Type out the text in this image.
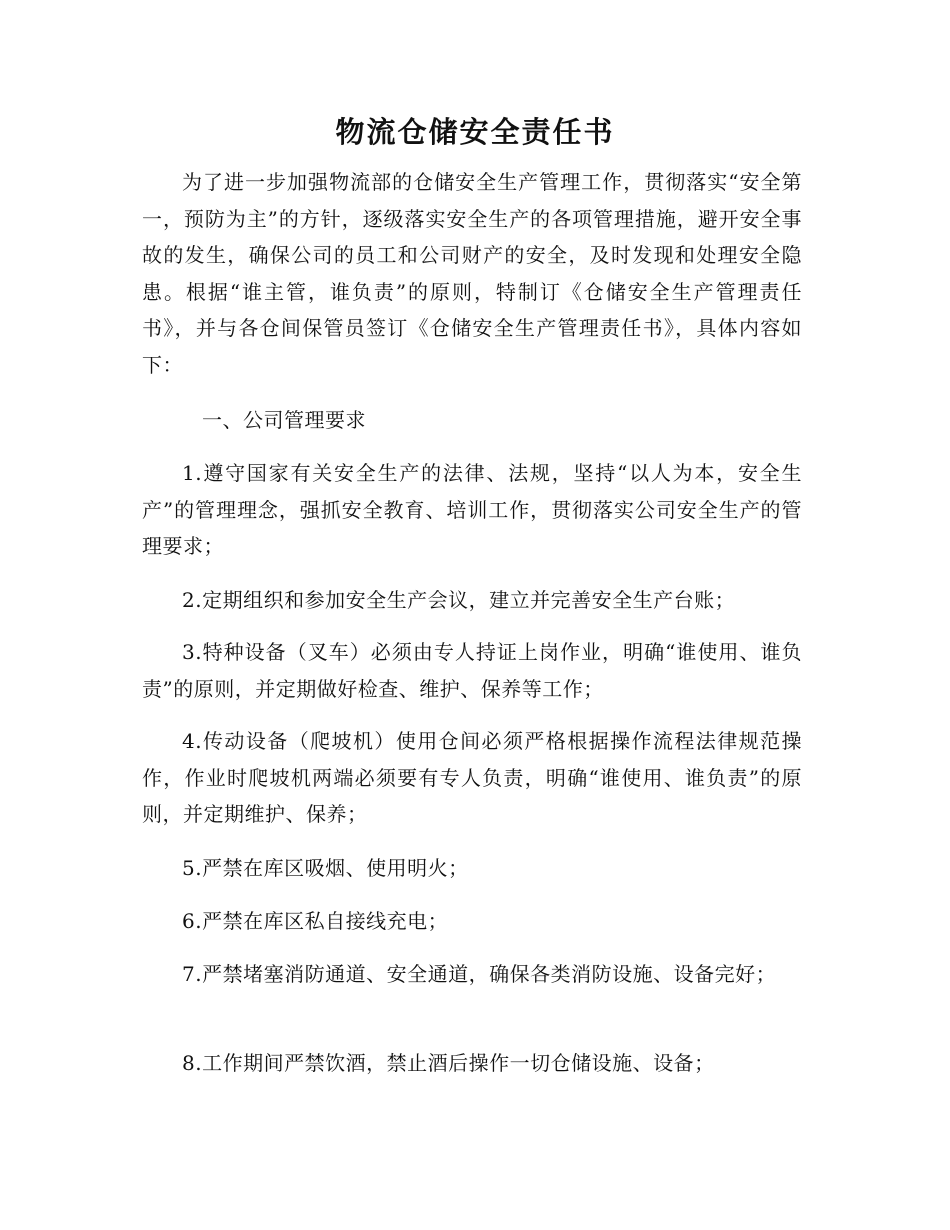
物流仓储安全责任书

为了进一步加强物流部的仓储安全生产管理工作，贯彻落实“安全第一，预防为主”的方针，逐级落实安全生产的各项管理措施，避开安全事故的发生，确保公司的员工和公司财产的安全，及时发现和处理安全隐患。根据“谁主管，谁负责”的原则，特制订《仓储安全生产管理责任书》，并与各仓间保管员签订《仓储安全生产管理责任书》，具体内容如下：

一、公司管理要求

1.遵守国家有关安全生产的法律、法规，坚持“以人为本，安全生产”的管理理念，强抓安全教育、培训工作，贯彻落实公司安全生产的管理要求；

2.定期组织和参加安全生产会议，建立并完善安全生产台账；

3.特种设备（叉车）必须由专人持证上岗作业，明确“谁使用、谁负责”的原则，并定期做好检查、维护、保养等工作；

4.传动设备（爬坡机）使用仓间必须严格根据操作流程法律规范操作，作业时爬坡机两端必须要有专人负责，明确“谁使用、谁负责”的原则，并定期维护、保养；

5.严禁在库区吸烟、使用明火；

6.严禁在库区私自接线充电；

7.严禁堵塞消防通道、安全通道，确保各类消防设施、设备完好；

8.工作期间严禁饮酒，禁止酒后操作一切仓储设施、设备；
